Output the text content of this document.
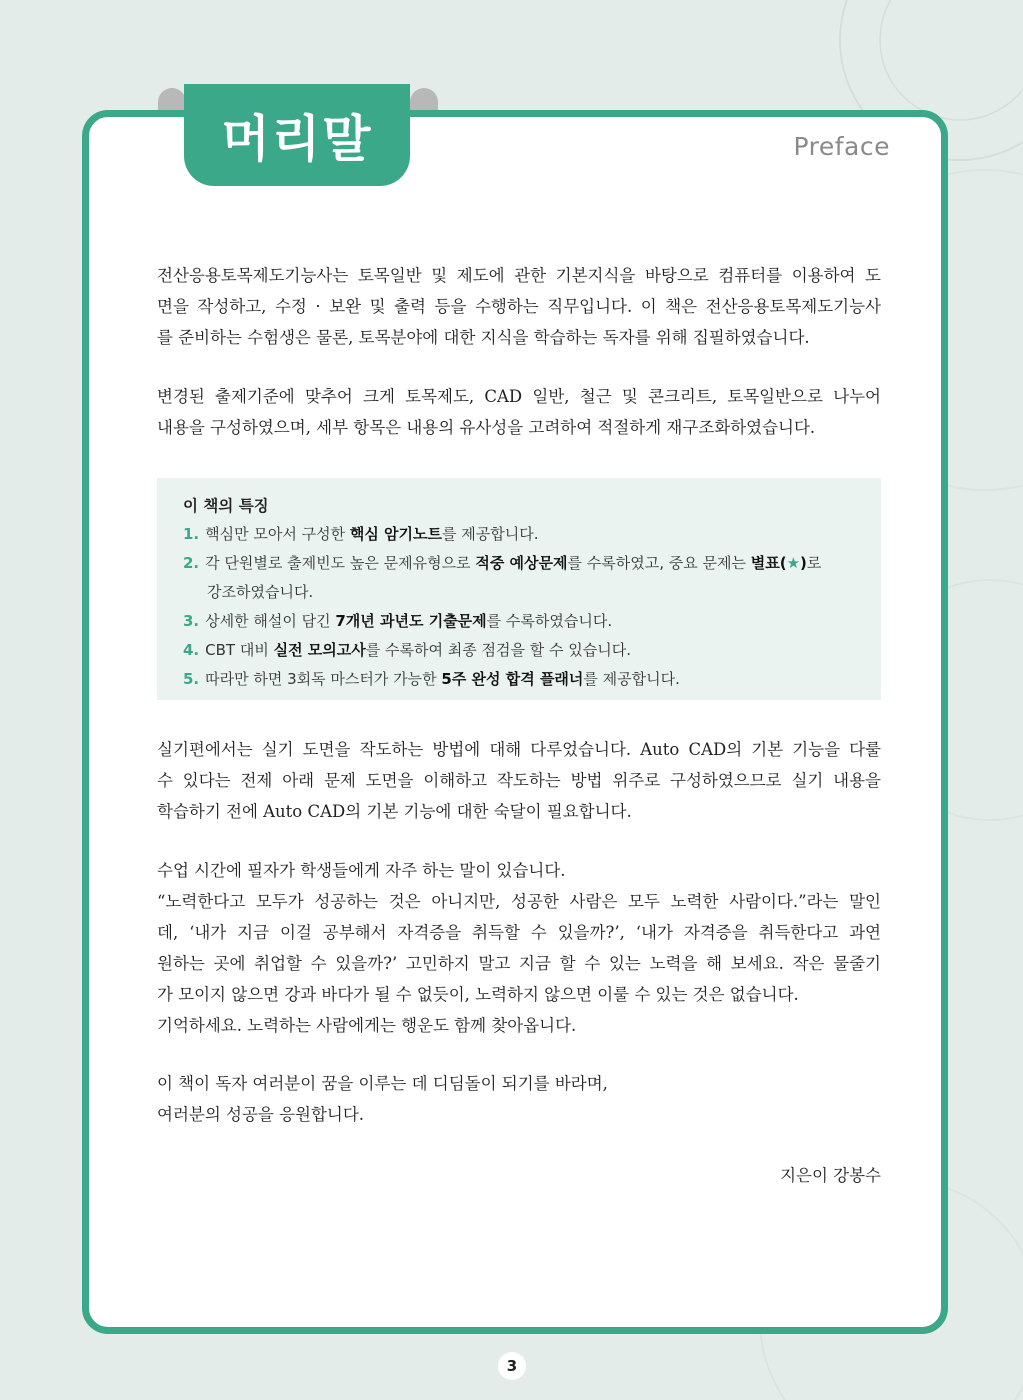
머리말	Preface

전산응용토목제도기능사는 토목일반 및 제도에 관한 기본지식을 바탕으로 컴퓨터를 이용하여 도
면을 작성하고, 수정 · 보완 및 출력 등을 수행하는 직무입니다. 이 책은 전산응용토목제도기능사
를 준비하는 수험생은 물론, 토목분야에 대한 지식을 학습하는 독자를 위해 집필하였습니다.

변경된 출제기준에 맞추어 크게 토목제도, CAD 일반, 철근 및 콘크리트, 토목일반으로 나누어
내용을 구성하였으며, 세부 항목은 내용의 유사성을 고려하여 적절하게 재구조화하였습니다.

이 책의 특징
1. 핵심만 모아서 구성한 핵심 암기노트를 제공합니다.
2. 각 단원별로 출제빈도 높은 문제유형으로 적중 예상문제를 수록하였고, 중요 문제는 별표(★)로
강조하였습니다.
3. 상세한 해설이 담긴 7개년 과년도 기출문제를 수록하였습니다.
4. CBT 대비 실전 모의고사를 수록하여 최종 점검을 할 수 있습니다.
5. 따라만 하면 3회독 마스터가 가능한 5주 완성 합격 플래너를 제공합니다.

실기편에서는 실기 도면을 작도하는 방법에 대해 다루었습니다. Auto CAD의 기본 기능을 다룰
수 있다는 전제 아래 문제 도면을 이해하고 작도하는 방법 위주로 구성하였으므로 실기 내용을
학습하기 전에 Auto CAD의 기본 기능에 대한 숙달이 필요합니다.

수업 시간에 필자가 학생들에게 자주 하는 말이 있습니다.
“노력한다고 모두가 성공하는 것은 아니지만, 성공한 사람은 모두 노력한 사람이다.”라는 말인
데, ‘내가 지금 이걸 공부해서 자격증을 취득할 수 있을까?’, ‘내가 자격증을 취득한다고 과연
원하는 곳에 취업할 수 있을까?’ 고민하지 말고 지금 할 수 있는 노력을 해 보세요. 작은 물줄기
가 모이지 않으면 강과 바다가 될 수 없듯이, 노력하지 않으면 이룰 수 있는 것은 없습니다.
기억하세요. 노력하는 사람에게는 행운도 함께 찾아옵니다.

이 책이 독자 여러분이 꿈을 이루는 데 디딤돌이 되기를 바라며,
여러분의 성공을 응원합니다.

지은이 강봉수
3
